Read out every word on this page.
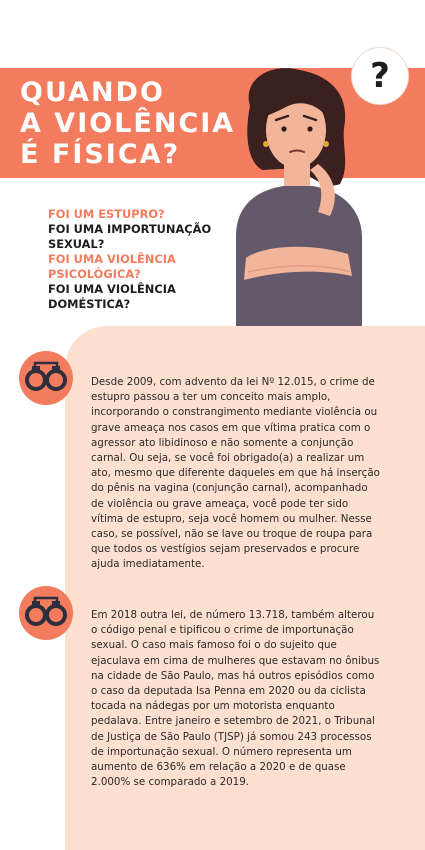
QUANDO
A VIOLÊNCIA
É FÍSICA?
?
FOI UM ESTUPRO?
FOI UMA IMPORTUNAÇÃO SEXUAL?
FOI UMA VIOLÊNCIA PSICOLÓGICA?
FOI UMA VIOLÊNCIA DOMÉSTICA?

Desde 2009, com advento da lei Nº 12.015, o crime de estupro passou a ter um conceito mais amplo, incorporando o constrangimento mediante violência ou grave ameaça nos casos em que vítima pratica com o agressor ato libidinoso e não somente a conjunção carnal. Ou seja, se você foi obrigado(a) a realizar um ato, mesmo que diferente daqueles em que há inserção do pênis na vagina (conjunção carnal), acompanhado de violência ou grave ameaça, você pode ter sido vítima de estupro, seja você homem ou mulher. Nesse caso, se possível, não se lave ou troque de roupa para que todos os vestígios sejam preservados e procure ajuda imediatamente.

Em 2018 outra lei, de número 13.718, também alterou o código penal e tipificou o crime de importunação sexual. O caso mais famoso foi o do sujeito que ejaculava em cima de mulheres que estavam no ônibus na cidade de São Paulo, mas há outros episódios como o caso da deputada Isa Penna em 2020 ou da ciclista tocada na nádegas por um motorista enquanto pedalava. Entre janeiro e setembro de 2021, o Tribunal de Justiça de São Paulo (TJSP) já somou 243 processos de importunação sexual. O número representa um aumento de 636% em relação a 2020 e de quase 2.000% se comparado a 2019.
